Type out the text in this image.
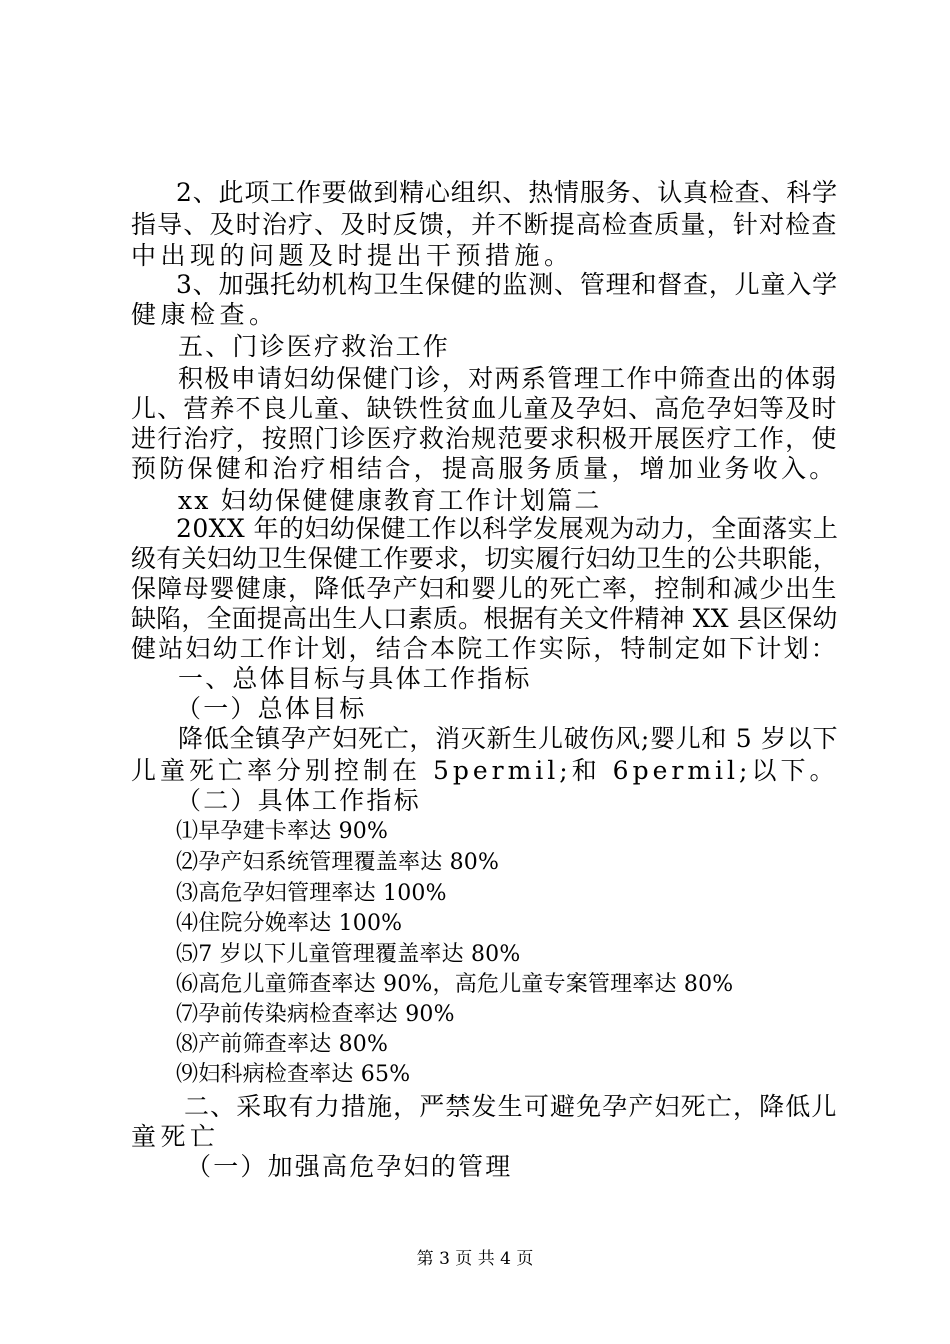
2、此项工作要做到精心组织、热情服务、认真检查、科学
指导、及时治疗、及时反馈，并不断提高检查质量，针对检查
中出现的问题及时提出干预措施。
3、加强托幼机构卫生保健的监测、管理和督查，儿童入学
健康检查。
五、门诊医疗救治工作
积极申请妇幼保健门诊，对两系管理工作中筛查出的体弱
儿、营养不良儿童、缺铁性贫血儿童及孕妇、高危孕妇等及时
进行治疗，按照门诊医疗救治规范要求积极开展医疗工作，使
预防保健和治疗相结合，提高服务质量，增加业务收入。
xx 妇幼保健健康教育工作计划篇二
20XX 年的妇幼保健工作以科学发展观为动力，全面落实上
级有关妇幼卫生保健工作要求，切实履行妇幼卫生的公共职能，
保障母婴健康，降低孕产妇和婴儿的死亡率，控制和减少出生
缺陷，全面提高出生人口素质。根据有关文件精神 XX 县区保幼
健站妇幼工作计划，结合本院工作实际，特制定如下计划：
一、总体目标与具体工作指标
（一）总体目标
降低全镇孕产妇死亡，消灭新生儿破伤风;婴儿和 5 岁以下
儿童死亡率分别控制在 5permil;和 6permil;以下。
（二）具体工作指标
⑴早孕建卡率达 90%
⑵孕产妇系统管理覆盖率达 80%
⑶高危孕妇管理率达 100%
⑷住院分娩率达 100%
⑸7 岁以下儿童管理覆盖率达 80%
⑹高危儿童筛查率达 90%，高危儿童专案管理率达 80%
⑺孕前传染病检查率达 90%
⑻产前筛查率达 80%
⑼妇科病检查率达 65%
二、采取有力措施，严禁发生可避免孕产妇死亡，降低儿
童死亡
（一）加强高危孕妇的管理
第 3 页 共 4 页
